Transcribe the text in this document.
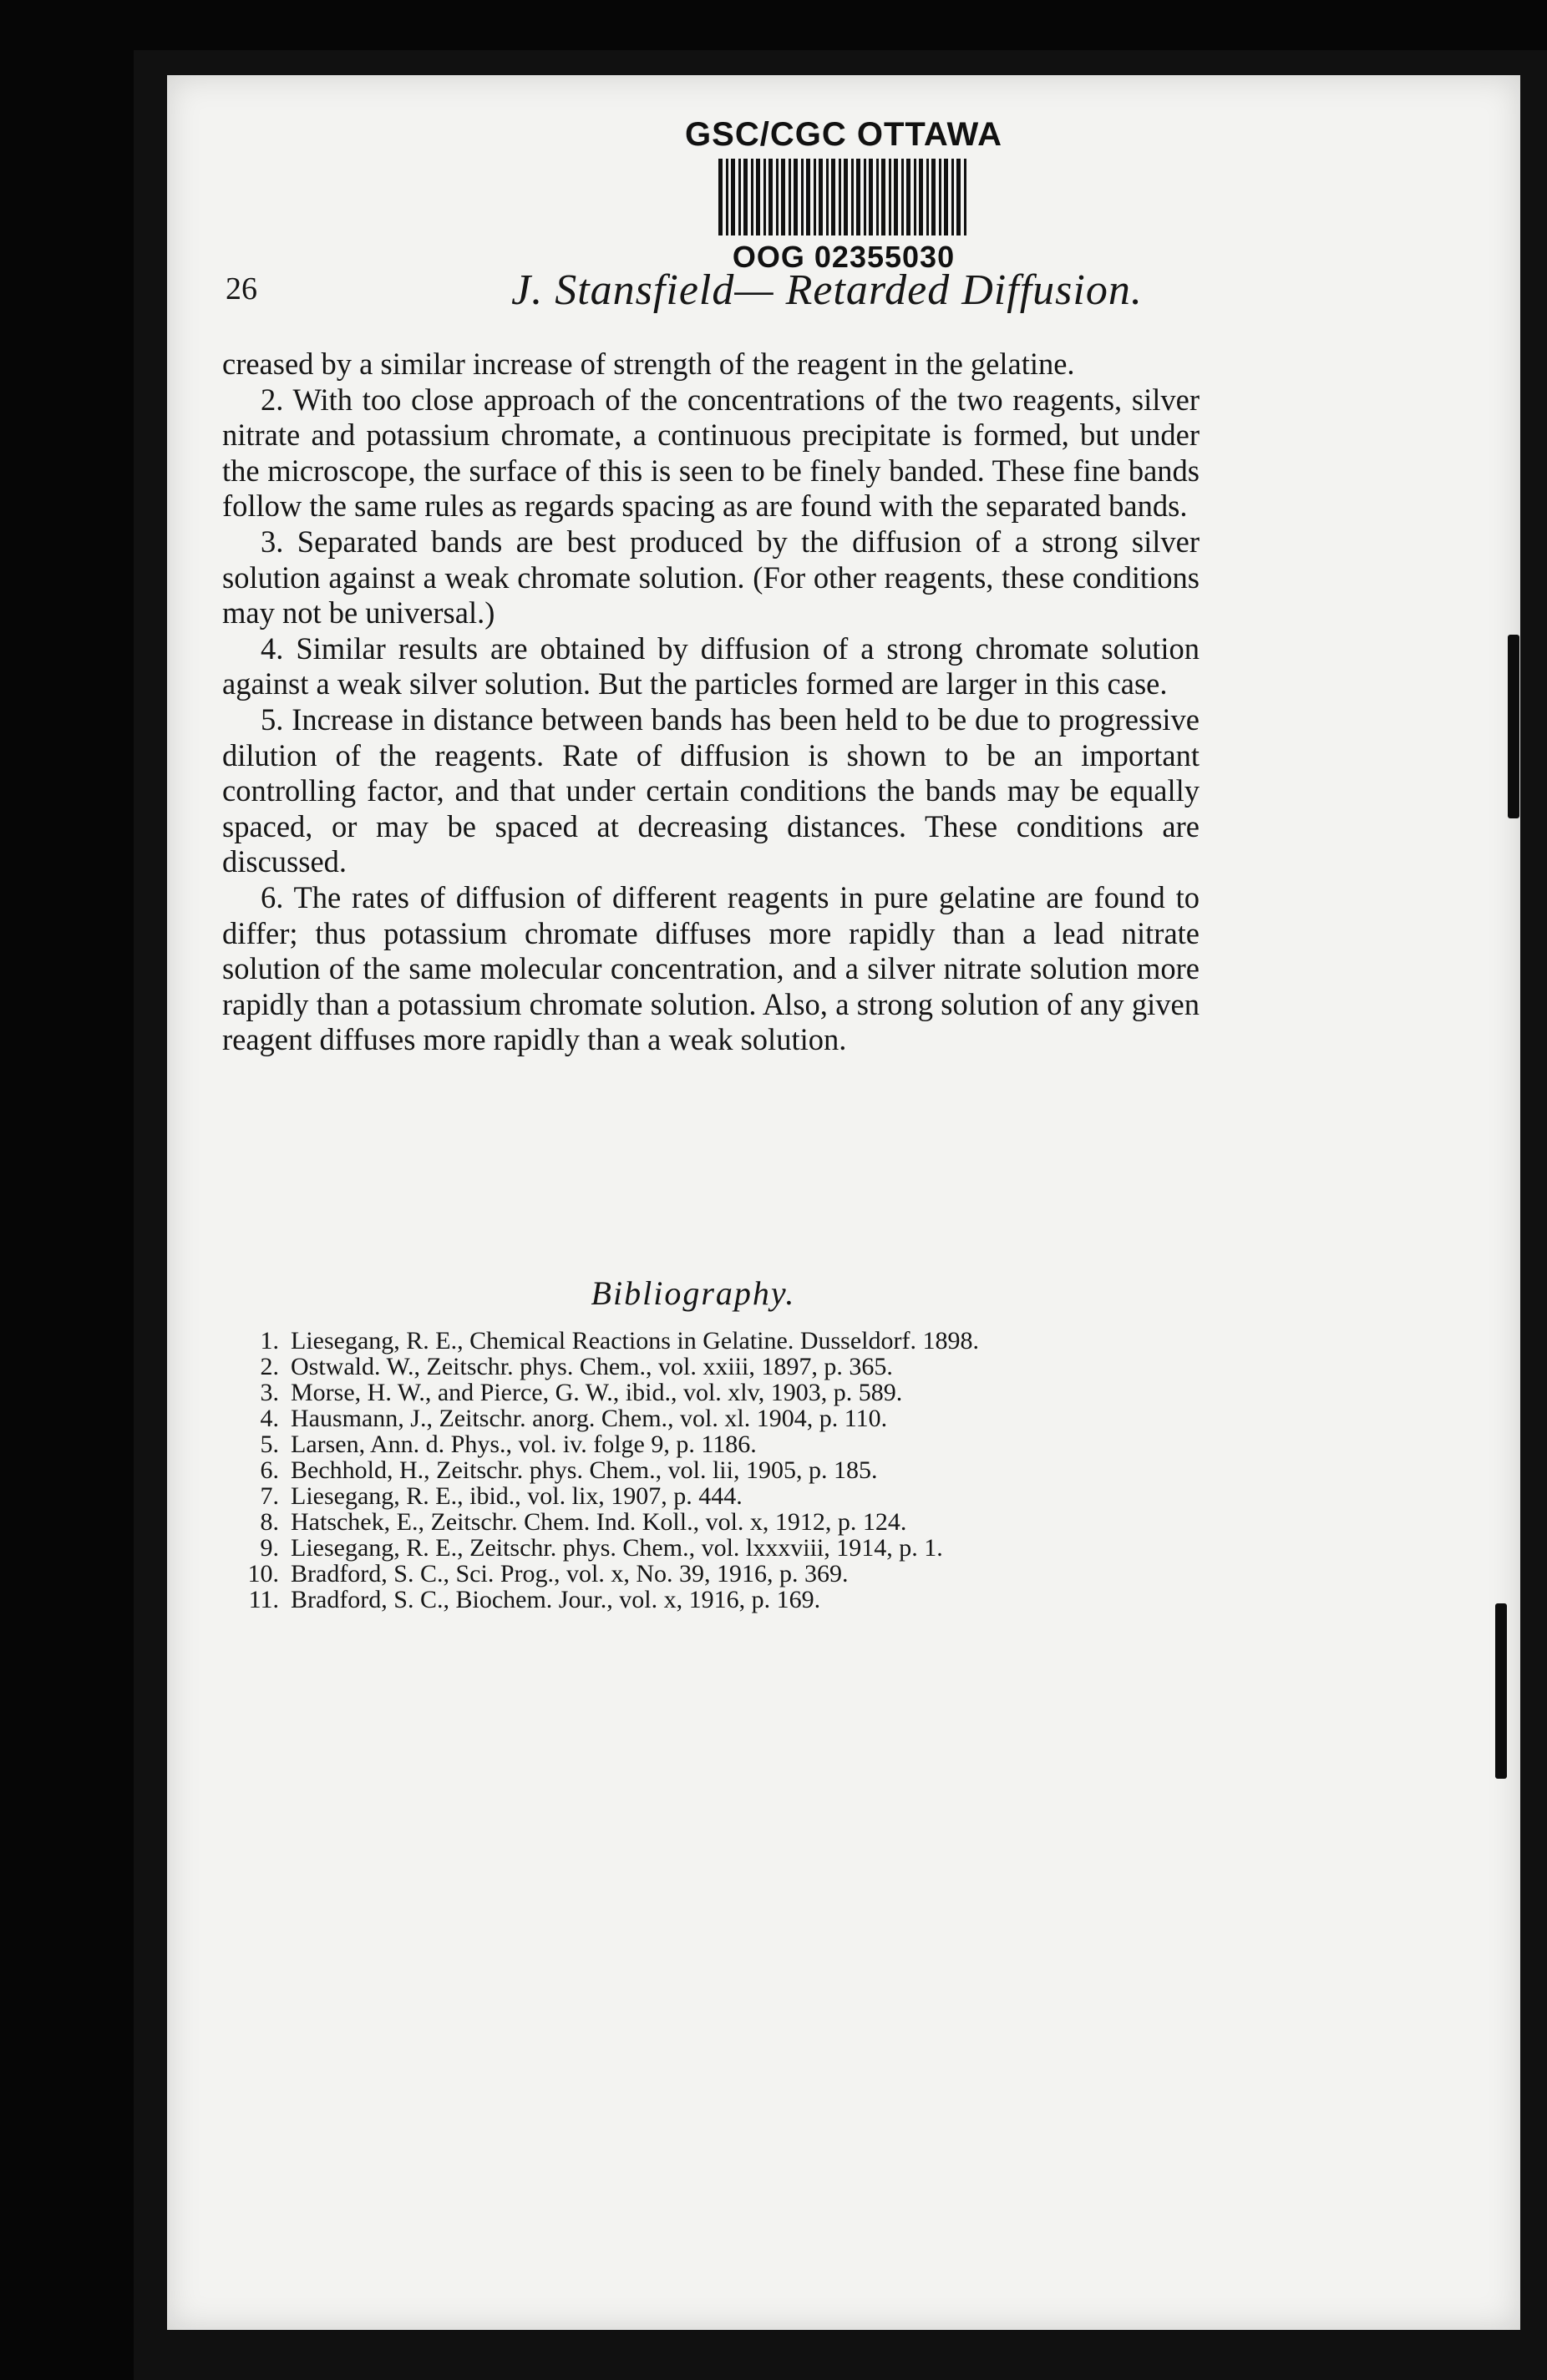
GSC/CGC OTTAWA
OOG 02355030
26	J. Stansfield— Retarded Diffusion.

creased by a similar increase of strength of the reagent in the gelatine.

2. With too close approach of the concentrations of the two reagents, silver nitrate and potassium chromate, a continuous precipitate is formed, but under the microscope, the surface of this is seen to be finely banded. These fine bands follow the same rules as regards spacing as are found with the separated bands.

3. Separated bands are best produced by the diffusion of a strong silver solution against a weak chromate solution. (For other reagents, these conditions may not be universal.)

4. Similar results are obtained by diffusion of a strong chromate solution against a weak silver solution. But the particles formed are larger in this case.

5. Increase in distance between bands has been held to be due to progressive dilution of the reagents. Rate of diffusion is shown to be an important controlling factor, and that under certain conditions the bands may be equally spaced, or may be spaced at decreasing distances. These conditions are discussed.

6. The rates of diffusion of different reagents in pure gelatine are found to differ; thus potassium chromate diffuses more rapidly than a lead nitrate solution of the same molecular concentration, and a silver nitrate solution more rapidly than a potassium chromate solution. Also, a strong solution of any given reagent diffuses more rapidly than a weak solution.

Bibliography.
1. Liesegang, R. E., Chemical Reactions in Gelatine. Dusseldorf. 1898.
2. Ostwald. W., Zeitschr. phys. Chem., vol. xxiii, 1897, p. 365.
3. Morse, H. W., and Pierce, G. W., ibid., vol. xlv, 1903, p. 589.
4. Hausmann, J., Zeitschr. anorg. Chem., vol. xl. 1904, p. 110.
5. Larsen, Ann. d. Phys., vol. iv. folge 9, p. 1186.
6. Bechhold, H., Zeitschr. phys. Chem., vol. lii, 1905, p. 185.
7. Liesegang, R. E., ibid., vol. lix, 1907, p. 444.
8. Hatschek, E., Zeitschr. Chem. Ind. Koll., vol. x, 1912, p. 124.
9. Liesegang, R. E., Zeitschr. phys. Chem., vol. lxxxviii, 1914, p. 1.
10. Bradford, S. C., Sci. Prog., vol. x, No. 39, 1916, p. 369.
11. Bradford, S. C., Biochem. Jour., vol. x, 1916, p. 169.
